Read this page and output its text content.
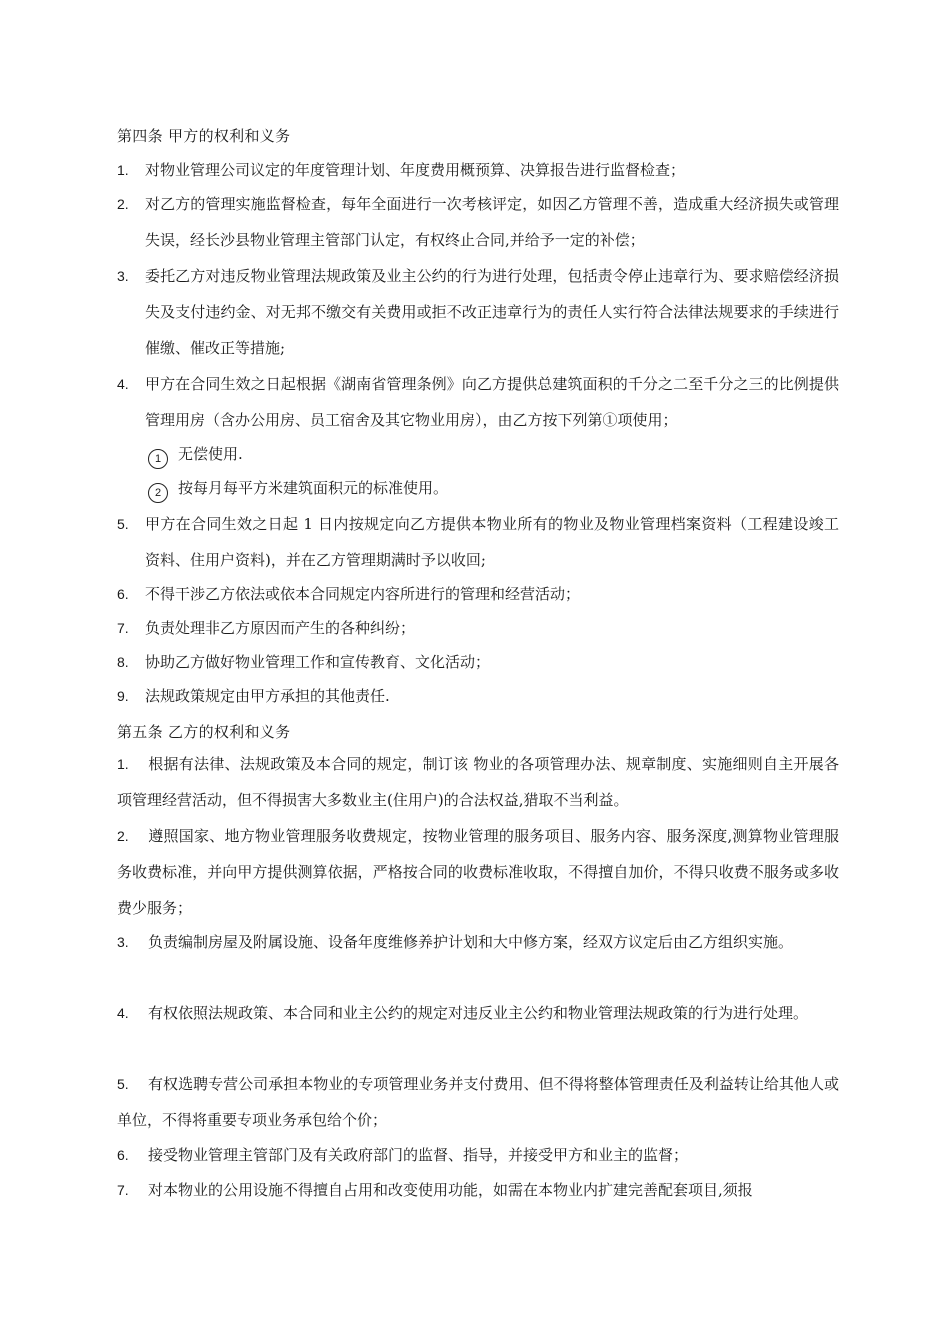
第四条 甲方的权利和义务
1.	对物业管理公司议定的年度管理计划、年度费用概预算、决算报告进行监督检查；
2.	对乙方的管理实施监督检查，每年全面进行一次考核评定，如因乙方管理不善，造成重大经济损失或管理失误，经长沙县物业管理主管部门认定，有权终止合同,并给予一定的补偿；
3.	委托乙方对违反物业管理法规政策及业主公约的行为进行处理，包括责令停止违章行为、要求赔偿经济损失及支付违约金、对无邦不缴交有关费用或拒不改正违章行为的责任人实行符合法律法规要求的手续进行催缴、催改正等措施;
4.	甲方在合同生效之日起根据《湖南省管理条例》向乙方提供总建筑面积的千分之二至千分之三的比例提供管理用房（含办公用房、员工宿舍及其它物业用房），由乙方按下列第①项使用；
1 无偿使用.
2 按每月每平方米建筑面积元的标准使用。
5.	甲方在合同生效之日起 1 日内按规定向乙方提供本物业所有的物业及物业管理档案资料（工程建设竣工资料、住用户资料)，并在乙方管理期满时予以收回;
6.	不得干涉乙方依法或依本合同规定内容所进行的管理和经营活动；
7.	负责处理非乙方原因而产生的各种纠纷；
8.	协助乙方做好物业管理工作和宣传教育、文化活动；
9.	法规政策规定由甲方承担的其他责任.
第五条 乙方的权利和义务
1. 根据有法律、法规政策及本合同的规定，制订该 物业的各项管理办法、规章制度、实施细则自主开展各项管理经营活动，但不得损害大多数业主(住用户)的合法权益,猎取不当利益。
2. 遵照国家、地方物业管理服务收费规定，按物业管理的服务项目、服务内容、服务深度,测算物业管理服务收费标准，并向甲方提供测算依据，严格按合同的收费标准收取，不得擅自加价，不得只收费不服务或多收费少服务；
3. 负责编制房屋及附属设施、设备年度维修养护计划和大中修方案，经双方议定后由乙方组织实施。
4. 有权依照法规政策、本合同和业主公约的规定对违反业主公约和物业管理法规政策的行为进行处理。
5. 有权选聘专营公司承担本物业的专项管理业务并支付费用、但不得将整体管理责任及利益转让给其他人或单位，不得将重要专项业务承包给个价；
6. 接受物业管理主管部门及有关政府部门的监督、指导，并接受甲方和业主的监督；
7. 对本物业的公用设施不得擅自占用和改变使用功能，如需在本物业内扩建完善配套项目,须报
